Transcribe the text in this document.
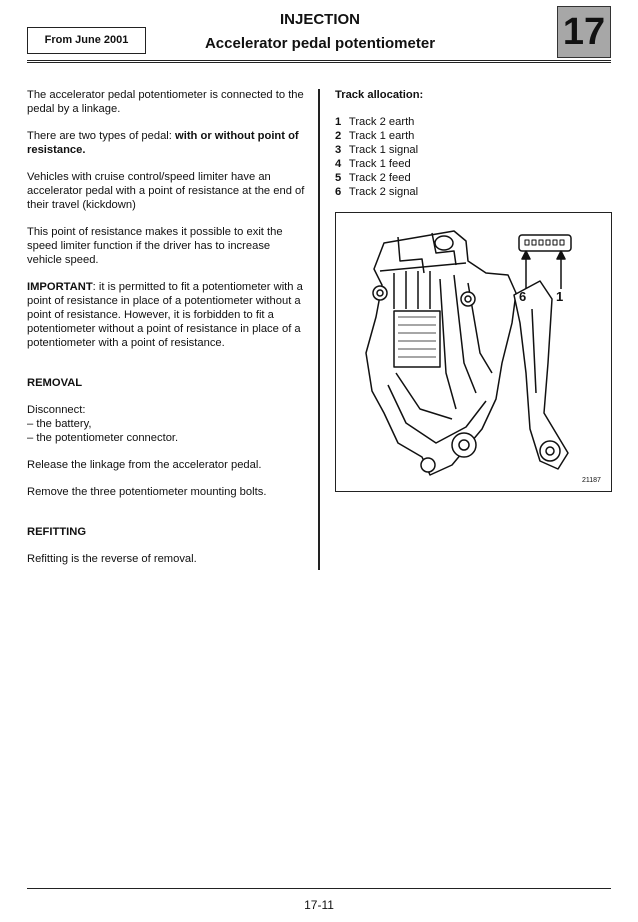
From June 2001
INJECTION
Accelerator pedal potentiometer	17

The accelerator pedal potentiometer is connected to the pedal by a linkage.

There are two types of pedal: with or without point of resistance.

Vehicles with cruise control/speed limiter have an accelerator pedal with a point of resistance at the end of their travel (kickdown)

This point of resistance makes it possible to exit the speed limiter function if the driver has to increase vehicle speed.

IMPORTANT: it is permitted to fit a potentiometer with a point of resistance in place of a potentiometer without a point of resistance. However, it is forbidden to fit a potentiometer without a point of resistance in place of a potentiometer with a point of resistance.

REMOVAL

Disconnect:
– the battery,
– the potentiometer connector.

Release the linkage from the accelerator pedal.

Remove the three potentiometer mounting bolts.

REFITTING

Refitting is the reverse of removal.

Track allocation:

1 Track 2 earth
2 Track 1 earth
3 Track 1 signal
4 Track 1 feed
5 Track 2 feed
6 Track 2 signal
6 1
21187
17-11
